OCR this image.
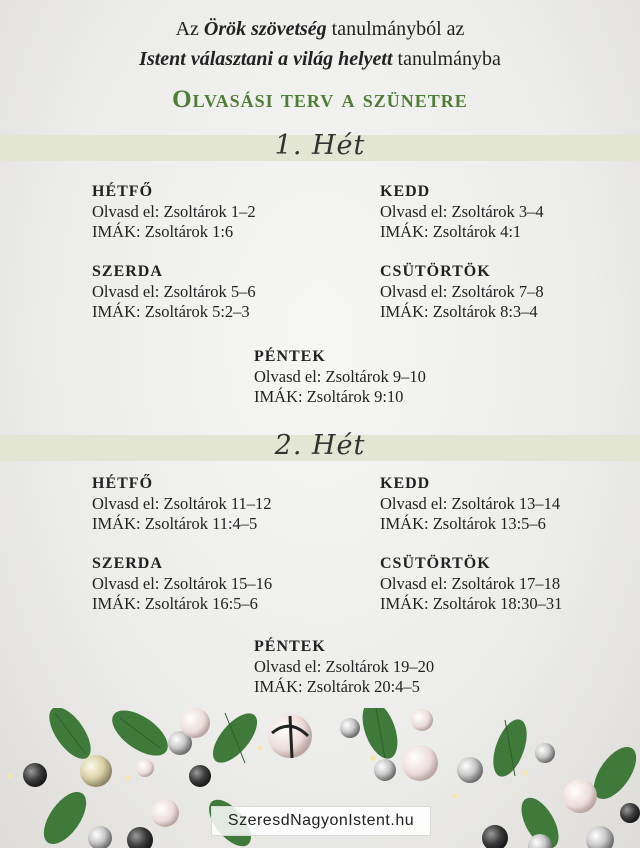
Az Örök szövetség tanulmányból az
Istent választani a világ helyett tanulmányba
Olvasási terv a szünetre
1. Hét
HÉTFŐ
Olvasd el: Zsoltárok 1–2
IMÁK: Zsoltárok 1:6
KEDD
Olvasd el: Zsoltárok 3–4
IMÁK: Zsoltárok 4:1
SZERDA
Olvasd el: Zsoltárok 5–6
IMÁK: Zsoltárok 5:2–3
CSÜTÖRTÖK
Olvasd el: Zsoltárok 7–8
IMÁK: Zsoltárok 8:3–4
PÉNTEK
Olvasd el: Zsoltárok 9–10
IMÁK: Zsoltárok 9:10
2. Hét
HÉTFŐ
Olvasd el: Zsoltárok 11–12
IMÁK: Zsoltárok 11:4–5
KEDD
Olvasd el: Zsoltárok 13–14
IMÁK: Zsoltárok 13:5–6
SZERDA
Olvasd el: Zsoltárok 15–16
IMÁK: Zsoltárok 16:5–6
CSÜTÖRTÖK
Olvasd el: Zsoltárok 17–18
IMÁK: Zsoltárok 18:30–31
PÉNTEK
Olvasd el: Zsoltárok 19–20
IMÁK: Zsoltárok 20:4–5
SzeresdNagyonIstent.hu
